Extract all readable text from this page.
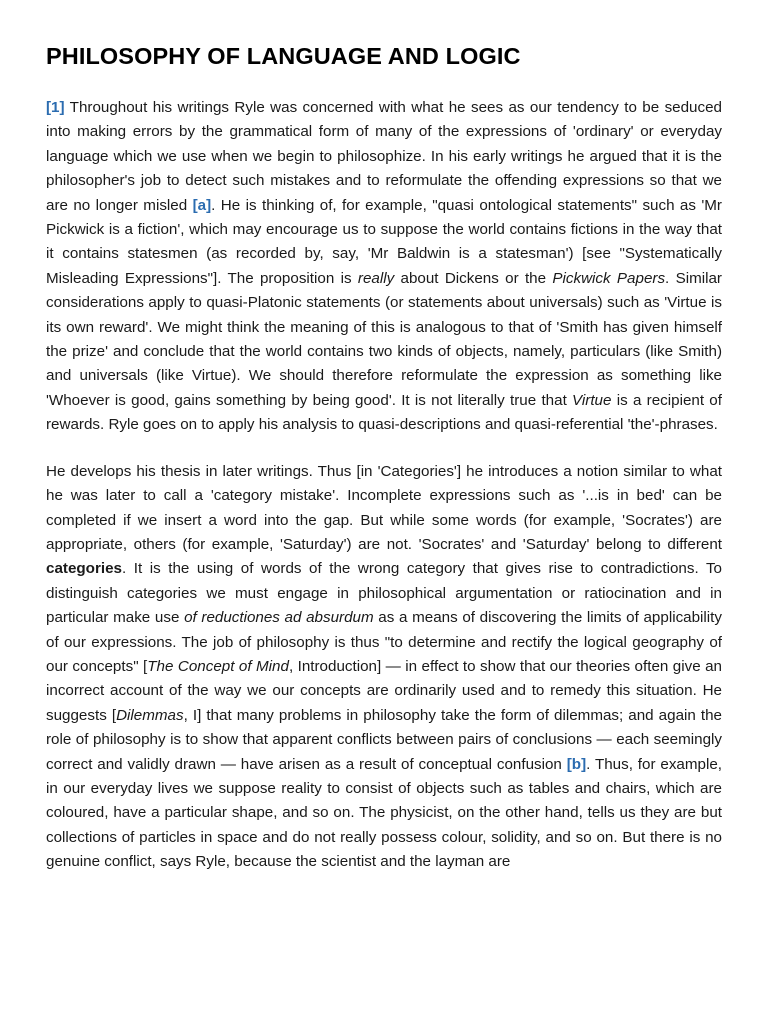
PHILOSOPHY OF LANGUAGE AND LOGIC

[1] Throughout his writings Ryle was concerned with what he sees as our tendency to be seduced into making errors by the grammatical form of many of the expressions of 'ordinary' or everyday language which we use when we begin to philosophize. In his early writings he argued that it is the philosopher's job to detect such mistakes and to reformulate the offending expressions so that we are no longer misled [a]. He is thinking of, for example, "quasi ontological statements" such as 'Mr Pickwick is a fiction', which may encourage us to suppose the world contains fictions in the way that it contains statesmen (as recorded by, say, 'Mr Baldwin is a statesman') [see "Systematically Misleading Expressions"]. The proposition is really about Dickens or the Pickwick Papers. Similar considerations apply to quasi-Platonic statements (or statements about universals) such as 'Virtue is its own reward'. We might think the meaning of this is analogous to that of 'Smith has given himself the prize' and conclude that the world contains two kinds of objects, namely, particulars (like Smith) and universals (like Virtue). We should therefore reformulate the expression as something like 'Whoever is good, gains something by being good'. It is not literally true that Virtue is a recipient of rewards. Ryle goes on to apply his analysis to quasi-descriptions and quasi-referential 'the'-phrases.

He develops his thesis in later writings. Thus [in 'Categories'] he introduces a notion similar to what he was later to call a 'category mistake'. Incomplete expressions such as '...is in bed' can be completed if we insert a word into the gap. But while some words (for example, 'Socrates') are appropriate, others (for example, 'Saturday') are not. 'Socrates' and 'Saturday' belong to different categories. It is the using of words of the wrong category that gives rise to contradictions. To distinguish categories we must engage in philosophical argumentation or ratiocination and in particular make use of reductiones ad absurdum as a means of discovering the limits of applicability of our expressions. The job of philosophy is thus "to determine and rectify the logical geography of our concepts" [The Concept of Mind, Introduction] — in effect to show that our theories often give an incorrect account of the way we our concepts are ordinarily used and to remedy this situation. He suggests [Dilemmas, I] that many problems in philosophy take the form of dilemmas; and again the role of philosophy is to show that apparent conflicts between pairs of conclusions — each seemingly correct and validly drawn — have arisen as a result of conceptual confusion [b]. Thus, for example, in our everyday lives we suppose reality to consist of objects such as tables and chairs, which are coloured, have a particular shape, and so on. The physicist, on the other hand, tells us they are but collections of particles in space and do not really possess colour, solidity, and so on. But there is no genuine conflict, says Ryle, because the scientist and the layman are
